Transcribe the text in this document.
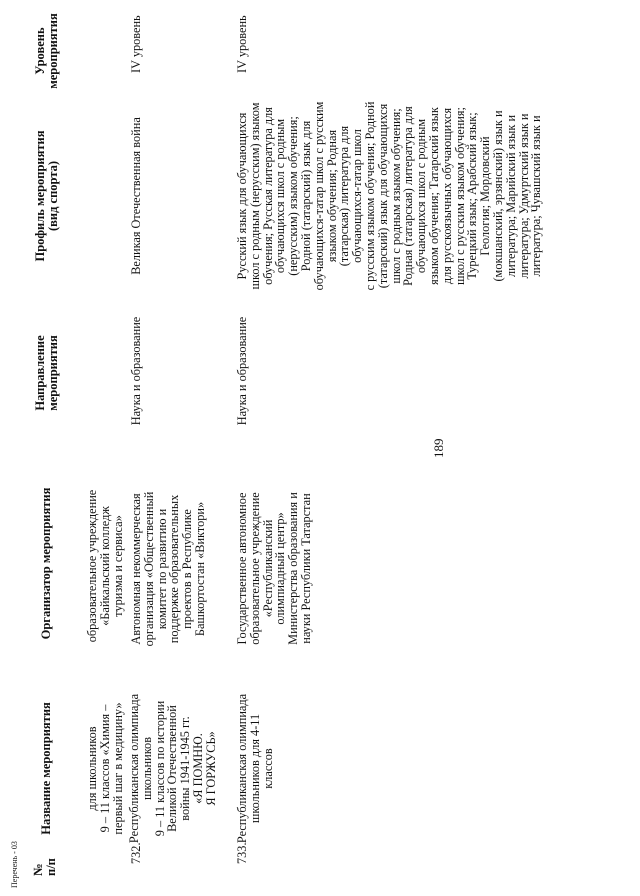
№
п/п
Название мероприятия
Организатор мероприятия
Направление
мероприятия
Профиль мероприятия
(вид спорта)
Уровень
мероприятия
189
для школьников
9 – 11 классов «Химия –
первый шаг в медицину»
образовательное учреждение
«Байкальский колледж
туризма и сервиса»
732.
Республиканская олимпиада
школьников
9 – 11 классов по истории
Великой Отечественной
войны 1941-1945 гг.
«Я ПОМНЮ.
Я ГОРЖУСЬ»
Автономная некоммерческая
организация «Общественный
комитет по развитию и
поддержке образовательных
проектов в Республике
Башкортостан «Виктори»
Наука и образование
Великая Отечественная война
IV уровень
733.
Республиканская олимпиада
школьников для 4-11
классов
Государственное автономное
образовательное учреждение
«Республиканский
олимпиадный центр»
Министерства образования и
науки Республики Татарстан
Наука и образование
Русский язык для обучающихся
школ с родным (нерусским) языком
обучения; Русская литература для
обучающихся школ с родным
(нерусским) языком обучения;
Родной (татарский) язык для
обучающихся-татар школ с русским
языком обучения; Родная
(татарская) литература для
обучающихся-татар школ
с русским языком обучения; Родной
(татарский) язык для обучающихся
школ с родным языком обучения;
Родная (татарская) литература для
обучающихся школ с родным
языком обучения; Татарский язык
для русскоязычных обучающихся
школ с русским языком обучения;
Турецкий язык; Арабский язык;
Геология; Мордовский
(мокшанский, эрзянский) язык и
литература; Марийский язык и
литература; Удмуртский язык и
литература; Чувашский язык и
IV уровень
Перечень - 03
